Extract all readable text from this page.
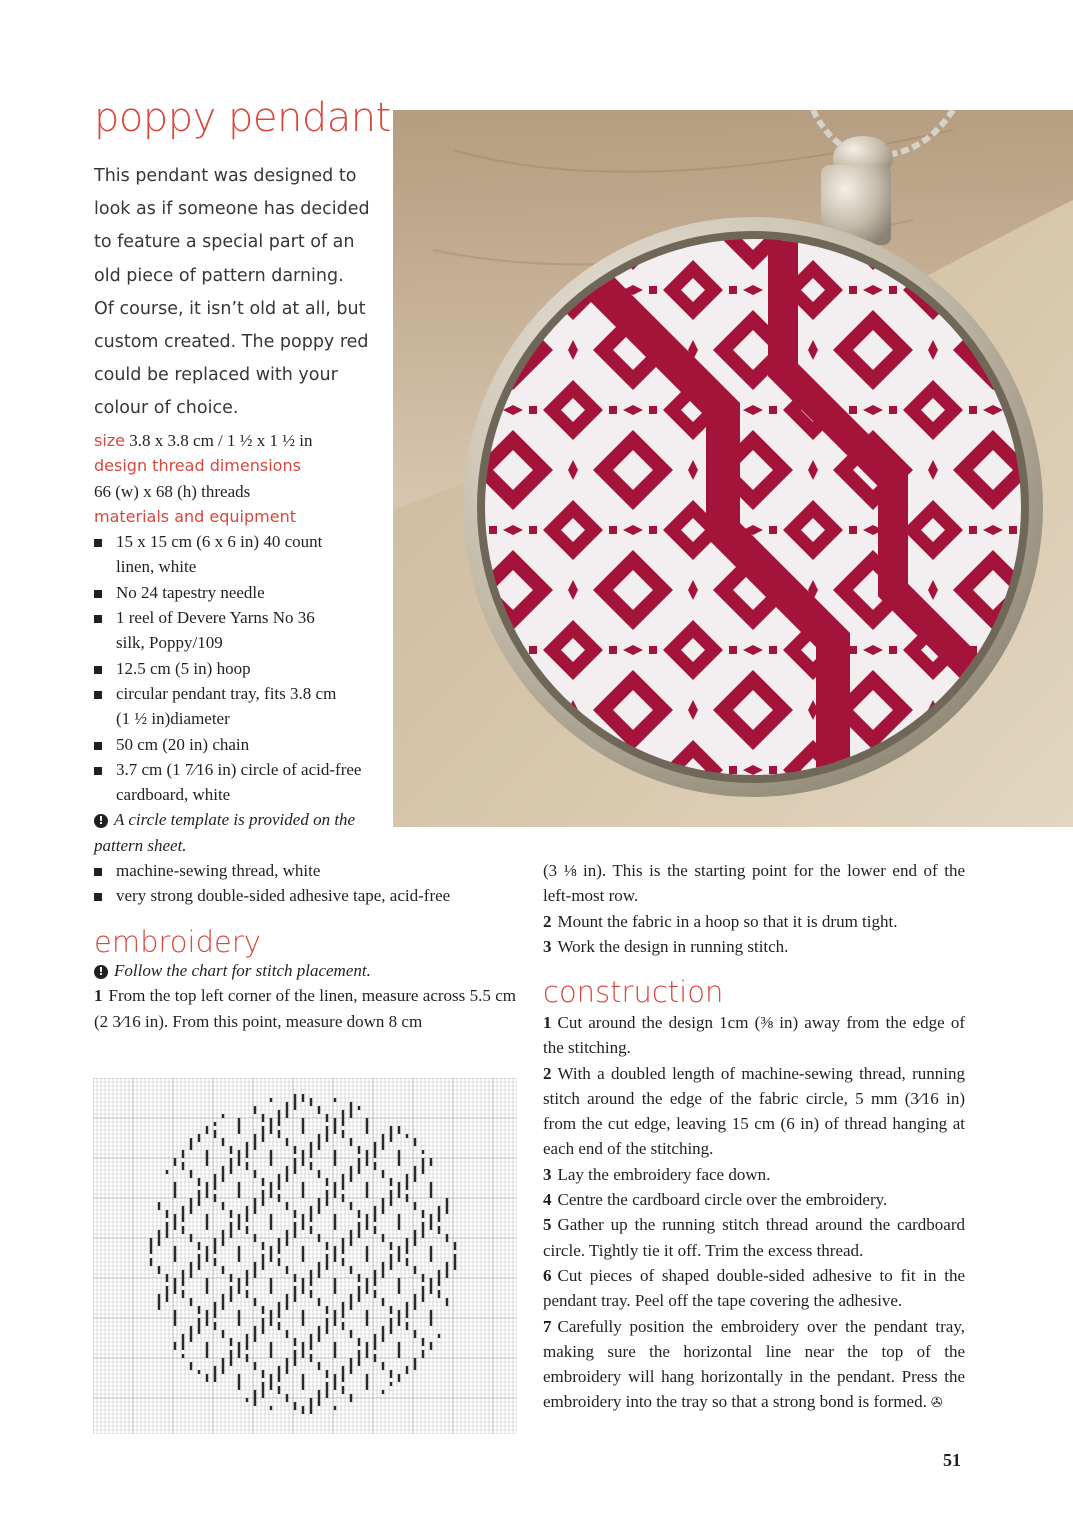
poppy pendant
This pendant was designed to
look as if someone has decided
to feature a special part of an
old piece of pattern darning.
Of course, it isn’t old at all, but
custom created. The poppy red
could be replaced with your
colour of choice.
size 3.8 x 3.8 cm / 1 ½ x 1 ½ in
design thread dimensions
66 (w) x 68 (h) threads
materials and equipment
15 x 15 cm (6 x 6 in) 40 count
linen, white
No 24 tapestry needle
1 reel of Devere Yarns No 36
silk, Poppy/109
12.5 cm (5 in) hoop
circular pendant tray, fits 3.8 cm
(1 ½ in)diameter
50 cm (20 in) chain
3.7 cm (1 7⁄16 in) circle of acid-free
cardboard, white
! A circle template is provided on the
pattern sheet.
machine-sewing thread, white
very strong double-sided adhesive tape, acid-free
embroidery
! Follow the chart for stitch placement.
1 From the top left corner of the linen, measure across 5.5 cm (2 3⁄16 in). From this point, measure down 8 cm
(3 ⅛ in). This is the starting point for the lower end of the left-most row.
2 Mount the fabric in a hoop so that it is drum tight.
3 Work the design in running stitch.
construction
1 Cut around the design 1cm (⅜ in) away from the edge of the stitching.
2 With a doubled length of machine-sewing thread, running stitch around the edge of the fabric circle, 5 mm (3⁄16 in) from the cut edge, leaving 15 cm (6 in) of thread hanging at each end of the stitching.
3 Lay the embroidery face down.
4 Centre the cardboard circle over the embroidery.
5 Gather up the running stitch thread around the cardboard circle. Tightly tie it off. Trim the excess thread.
6 Cut pieces of shaped double-sided adhesive to fit in the pendant tray. Peel off the tape covering the adhesive.
7 Carefully position the embroidery over the pendant tray, making sure the horizontal line near the top of the embroidery will hang horizontally in the pendant. Press the embroidery into the tray so that a strong bond is formed. ✇
51
